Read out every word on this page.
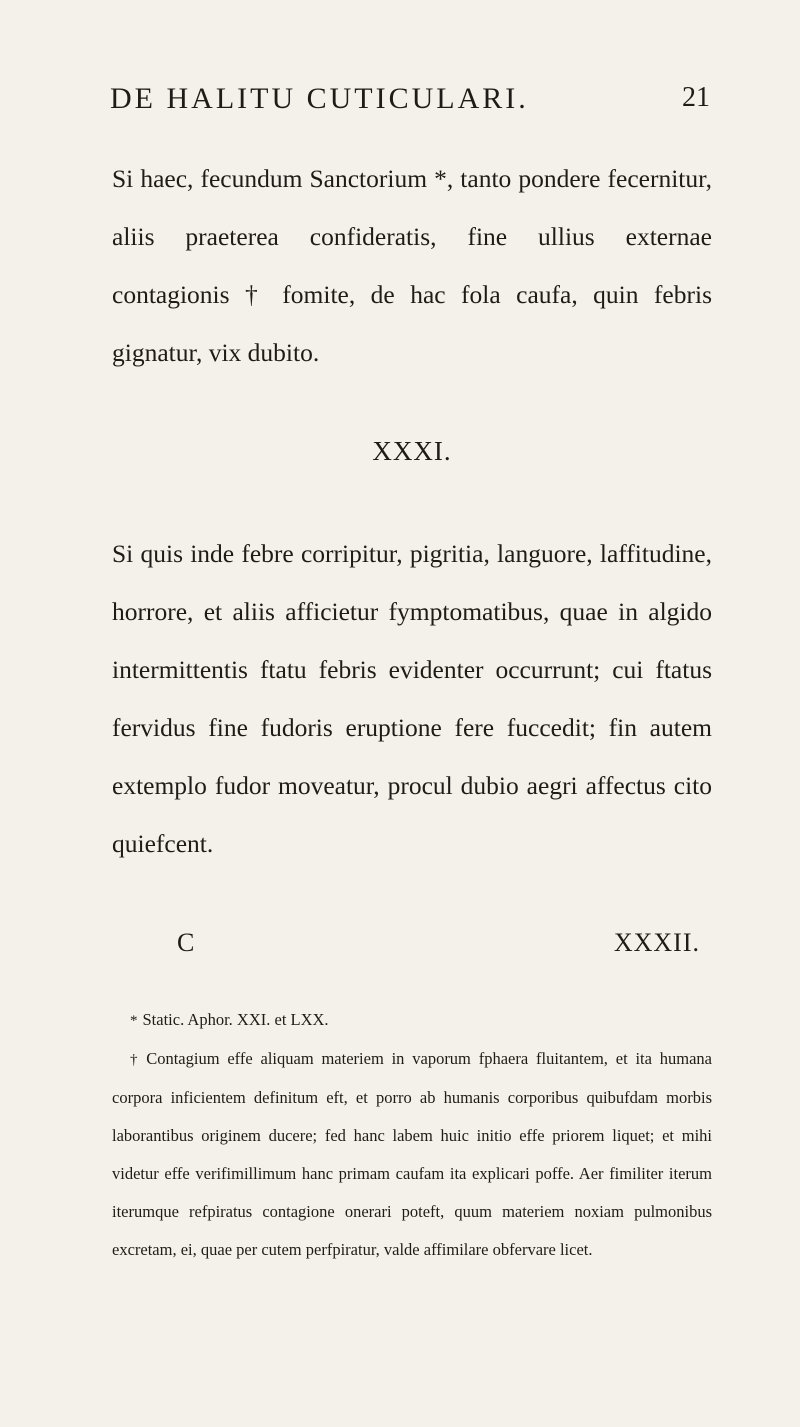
DE HALITU CUTICULARI.	21

Si haec, fecundum Sanctorium *, tanto pondere fecernitur, aliis praeterea confideratis, fine ullius externae contagionis † fomite, de hac fola caufa, quin febris gignatur, vix dubito.

XXXI.

Si quis inde febre corripitur, pigritia, languore, laffitudine, horrore, et aliis afficietur fymptomatibus, quae in algido intermittentis ftatu febris evidenter occurrunt; cui ftatus fervidus fine fudoris eruptione fere fuccedit; fin autem extemplo fudor moveatur, procul dubio aegri affectus cito quiefcent.

C	XXXII.

* Static. Aphor. XXI. et LXX.

† Contagium effe aliquam materiem in vaporum fphaera fluitantem, et ita humana corpora inficientem definitum eft, et porro ab humanis corporibus quibufdam morbis laborantibus originem ducere; fed hanc labem huic initio effe priorem liquet; et mihi videtur effe verifimillimum hanc primam caufam ita explicari poffe. Aer fimiliter iterum iterumque refpiratus contagione onerari poteft, quum materiem noxiam pulmonibus excretam, ei, quae per cutem perfpiratur, valde affimilare obfervare licet.
